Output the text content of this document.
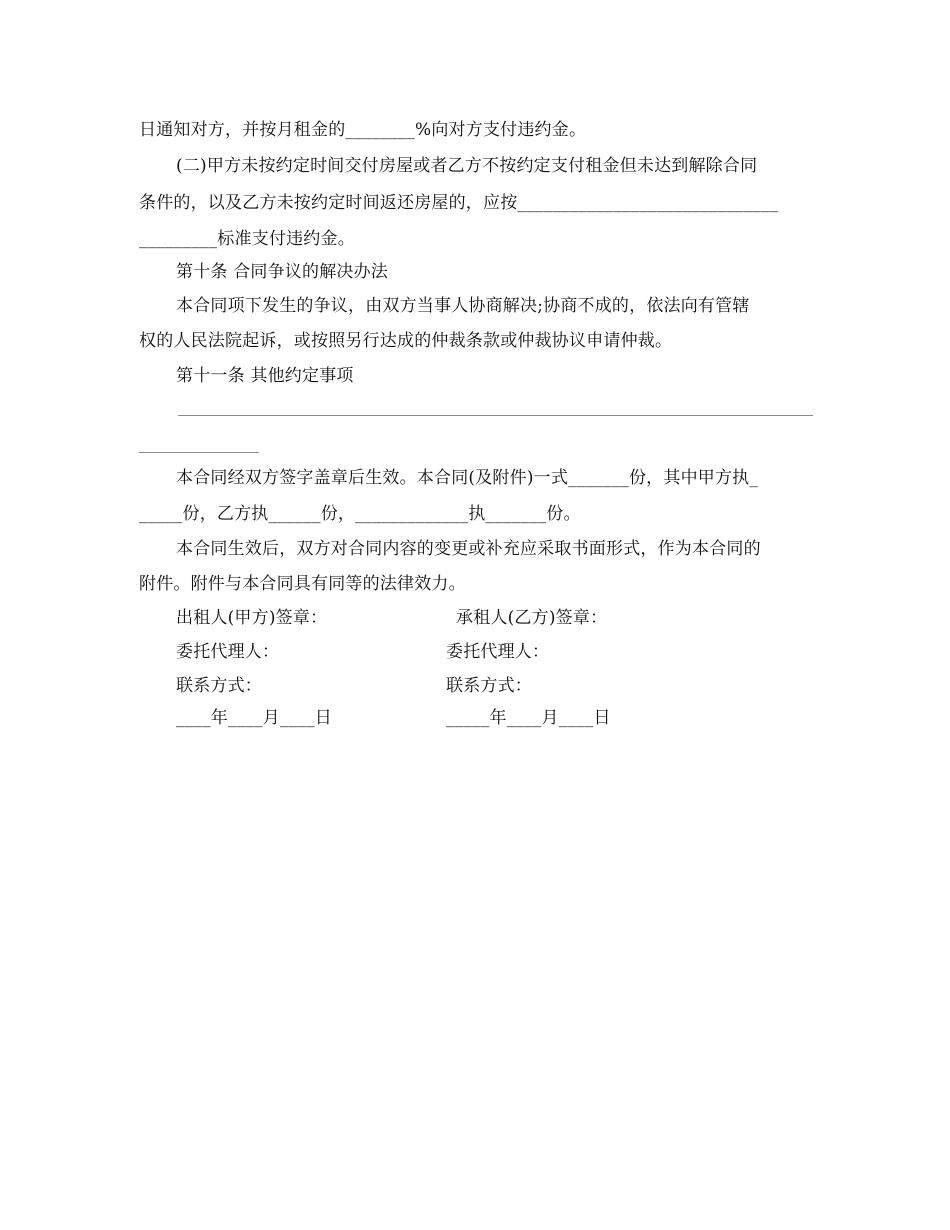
日通知对方，并按月租金的________%向对方支付违约金。
(二)甲方未按约定时间交付房屋或者乙方不按约定支付租金但未达到解除合同
条件的，以及乙方未按约定时间返还房屋的，应按______________________________
_________标准支付违约金。
第十条 合同争议的解决办法
本合同项下发生的争议，由双方当事人协商解决;协商不成的，依法向有管辖
权的人民法院起诉，或按照另行达成的仲裁条款或仲裁协议申请仲裁。
第十一条 其他约定事项
本合同经双方签字盖章后生效。本合同(及附件)一式_______份，其中甲方执_
_____份，乙方执______份，_____________执_______份。
本合同生效后，双方对合同内容的变更或补充应采取书面形式，作为本合同的
附件。附件与本合同具有同等的法律效力。
出租人(甲方)签章：	承租人(乙方)签章：
委托代理人：	委托代理人：
联系方式：	联系方式：
____年____月____日	_____年____月____日
